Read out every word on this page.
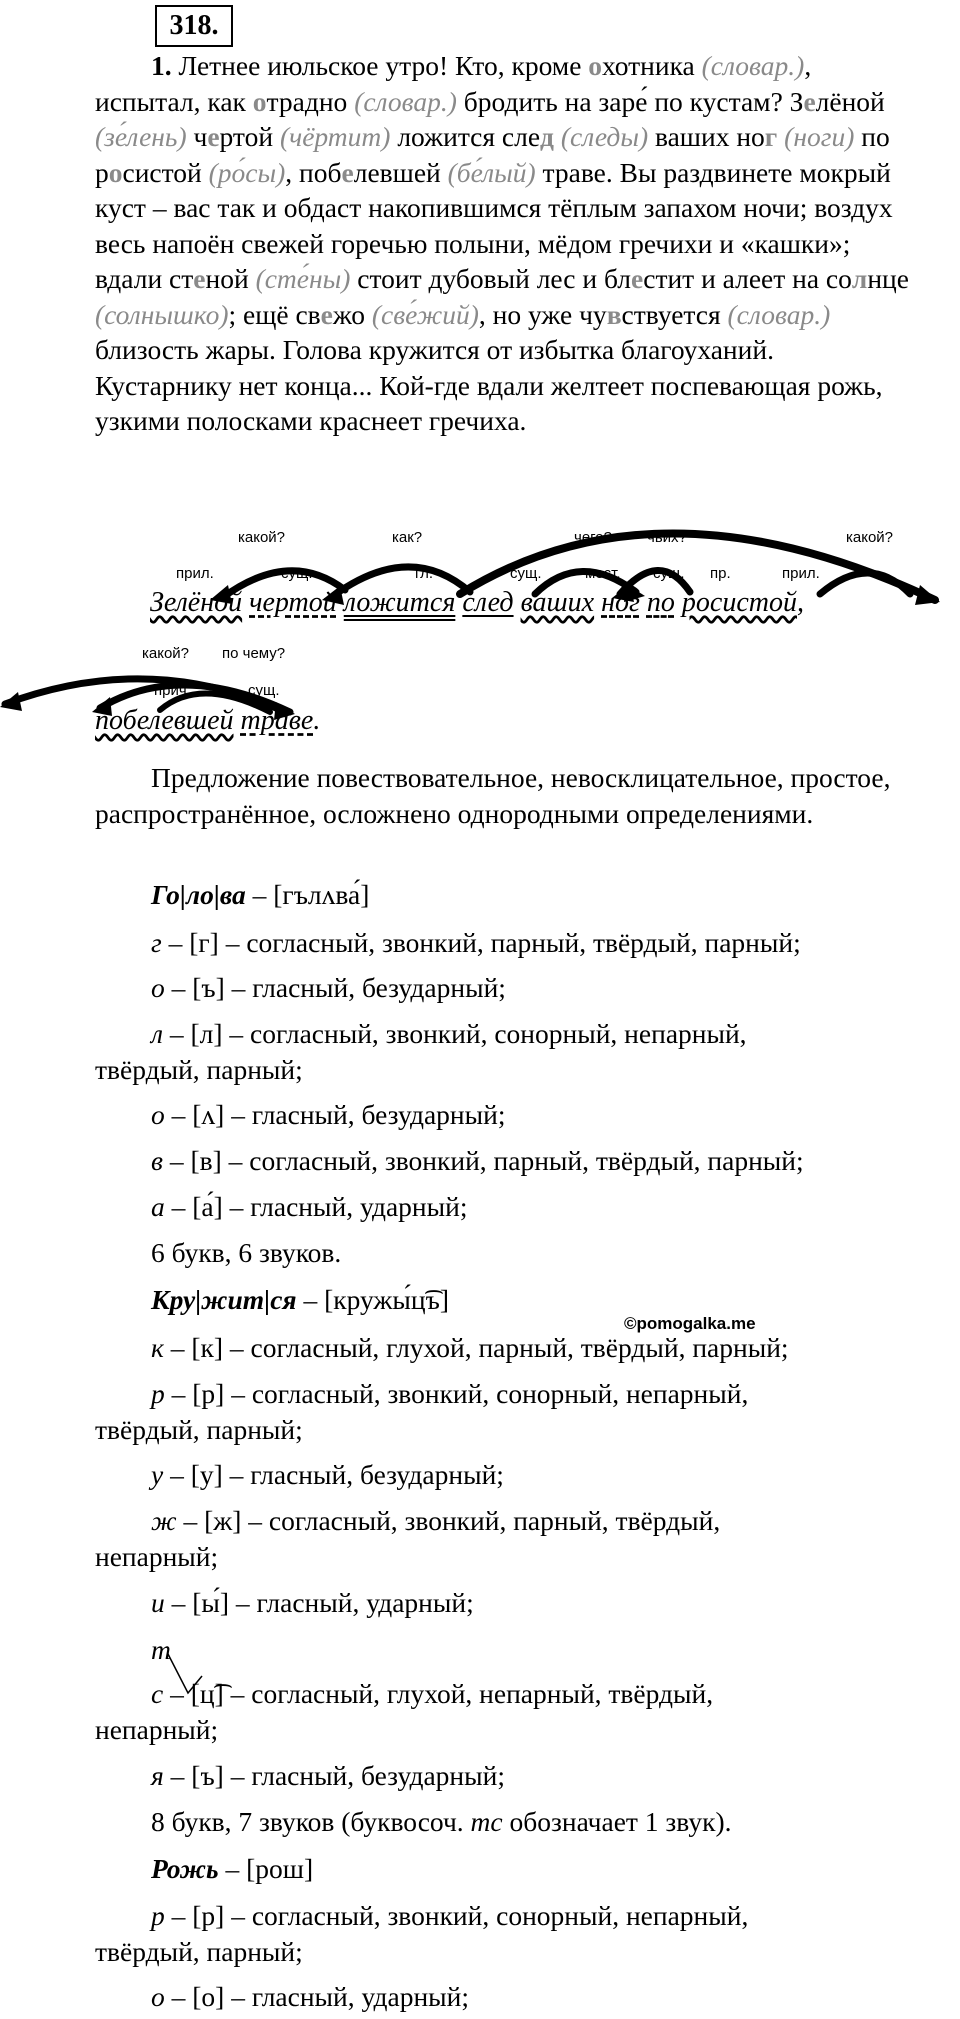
318.
1. Летнее июльское утро! Кто, кроме охотника (словар.), испытал, как отрадно (словар.) бродить на заре́ по кустам? Зелёной (зе́лень) чертой (чёртит) ложится след (следы) ваших ног (ноги) по росистой (ро́сы), побелевшей (бе́лый) траве. Вы раздвинете мокрый куст – вас так и обдаст накопившимся тёплым запахом ночи; воздух весь напоён свежей горечью полыни, мёдом гречихи и «кашки»; вдали стеной (сте́ны) стоит дубовый лес и блестит и алеет на солнце (солнышко); ещё свежо (све́жий), но уже чувствуется (словар.) близость жары. Голова кружится от избытка благоуханий. Кустарнику нет конца... Кой-где вдали желтеет поспевающая рожь, узкими полосками краснеет гречиха.
какой?	как?	чего? чьих?	какой?
прил.	сущ.	гл.	сущ.	мест. сущ. пр.	прил.
Зелёной чертой ложится след ваших ног по росистой,
какой? по чему?
прич.	сущ.
побелевшей траве.
Предложение повествовательное, невосклицательное, простое, распространённое, осложнено однородными определениями.
Го|ло|ва – [гълʌва́]
г – [г] – согласный, звонкий, парный, твёрдый, парный;
о – [ъ] – гласный, безударный;
л – [л] – согласный, звонкий, сонорный, непарный,
твёрдый, парный;
о – [ʌ] – гласный, безударный;
в – [в] – согласный, звонкий, парный, твёрдый, парный;
а – [а́] – гласный, ударный;
6 букв, 6 звуков.
Кру|жит|ся – [кружы́ц͡ъ]
©pomogalka.me
к – [к] – согласный, глухой, парный, твёрдый, парный;
р – [р] – согласный, звонкий, сонорный, непарный,
твёрдый, парный;
у – [у] – гласный, безударный;
ж – [ж] – согласный, звонкий, парный, твёрдый,
непарный;
и – [ы́] – гласный, ударный;
т
с – [ц͡] – согласный, глухой, непарный, твёрдый,
непарный;
я – [ъ] – гласный, безударный;
8 букв, 7 звуков (буквосоч. тс обозначает 1 звук).
Рожь – [рош]
р – [р] – согласный, звонкий, сонорный, непарный,
твёрдый, парный;
о – [о] – гласный, ударный;
